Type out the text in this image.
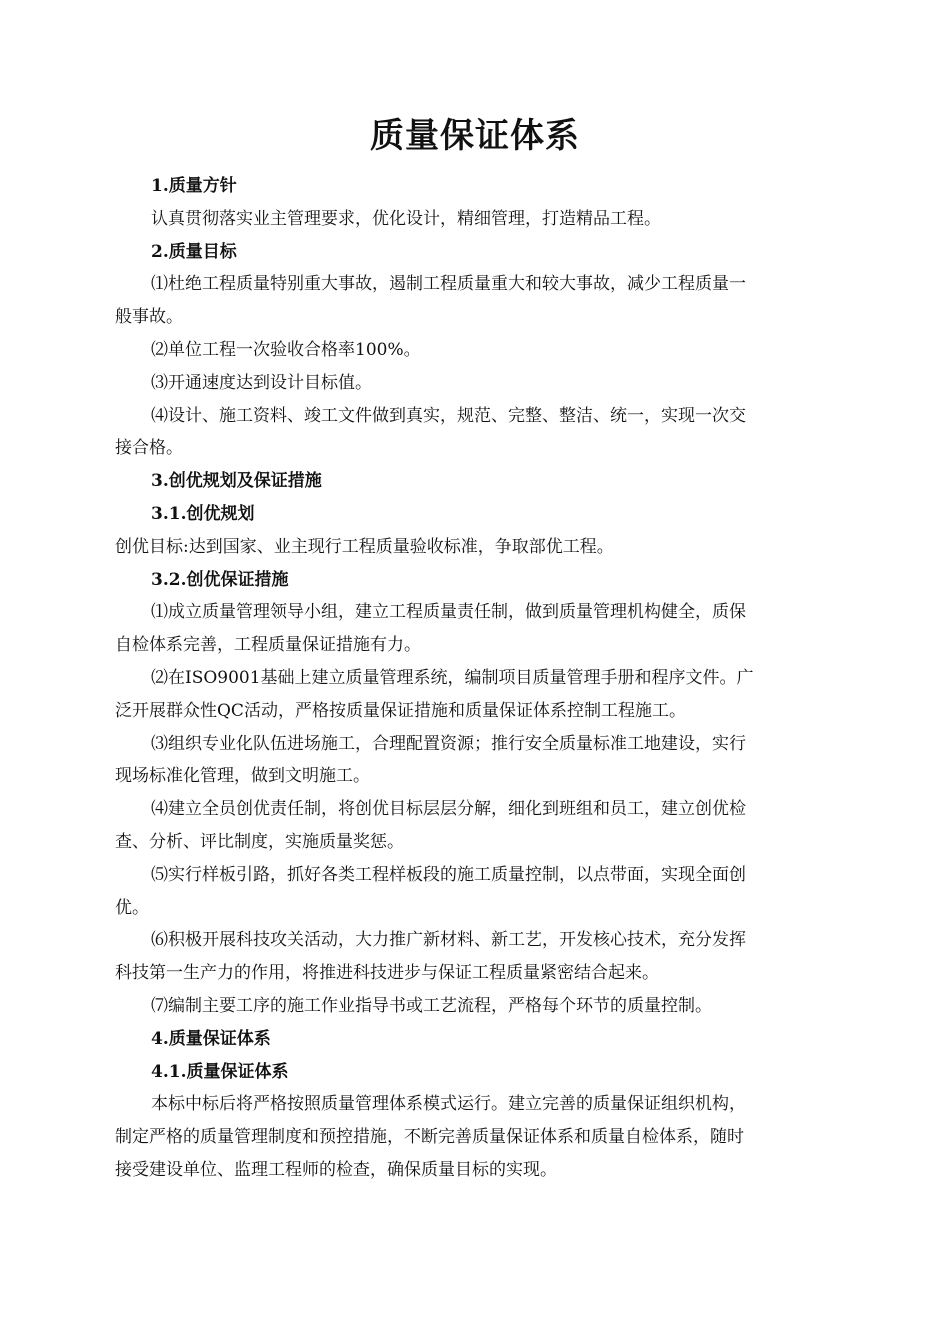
质量保证体系
1.质量方针
认真贯彻落实业主管理要求，优化设计，精细管理，打造精品工程。
2.质量目标
⑴杜绝工程质量特别重大事故，遏制工程质量重大和较大事故，减少工程质量一
般事故。
⑵单位工程一次验收合格率100%。
⑶开通速度达到设计目标值。
⑷设计、施工资料、竣工文件做到真实，规范、完整、整洁、统一，实现一次交
接合格。
3.创优规划及保证措施
3.1.创优规划
创优目标:达到国家、业主现行工程质量验收标准，争取部优工程。
3.2.创优保证措施
⑴成立质量管理领导小组，建立工程质量责任制，做到质量管理机构健全，质保
自检体系完善，工程质量保证措施有力。
⑵在ISO9001基础上建立质量管理系统，编制项目质量管理手册和程序文件。广
泛开展群众性QC活动，严格按质量保证措施和质量保证体系控制工程施工。
⑶组织专业化队伍进场施工，合理配置资源；推行安全质量标准工地建设，实行
现场标准化管理，做到文明施工。
⑷建立全员创优责任制，将创优目标层层分解，细化到班组和员工，建立创优检
查、分析、评比制度，实施质量奖惩。
⑸实行样板引路，抓好各类工程样板段的施工质量控制，以点带面，实现全面创
优。
⑹积极开展科技攻关活动，大力推广新材料、新工艺，开发核心技术，充分发挥
科技第一生产力的作用，将推进科技进步与保证工程质量紧密结合起来。
⑺编制主要工序的施工作业指导书或工艺流程，严格每个环节的质量控制。
4.质量保证体系
4.1.质量保证体系
本标中标后将严格按照质量管理体系模式运行。建立完善的质量保证组织机构，
制定严格的质量管理制度和预控措施，不断完善质量保证体系和质量自检体系，随时
接受建设单位、监理工程师的检查，确保质量目标的实现。
